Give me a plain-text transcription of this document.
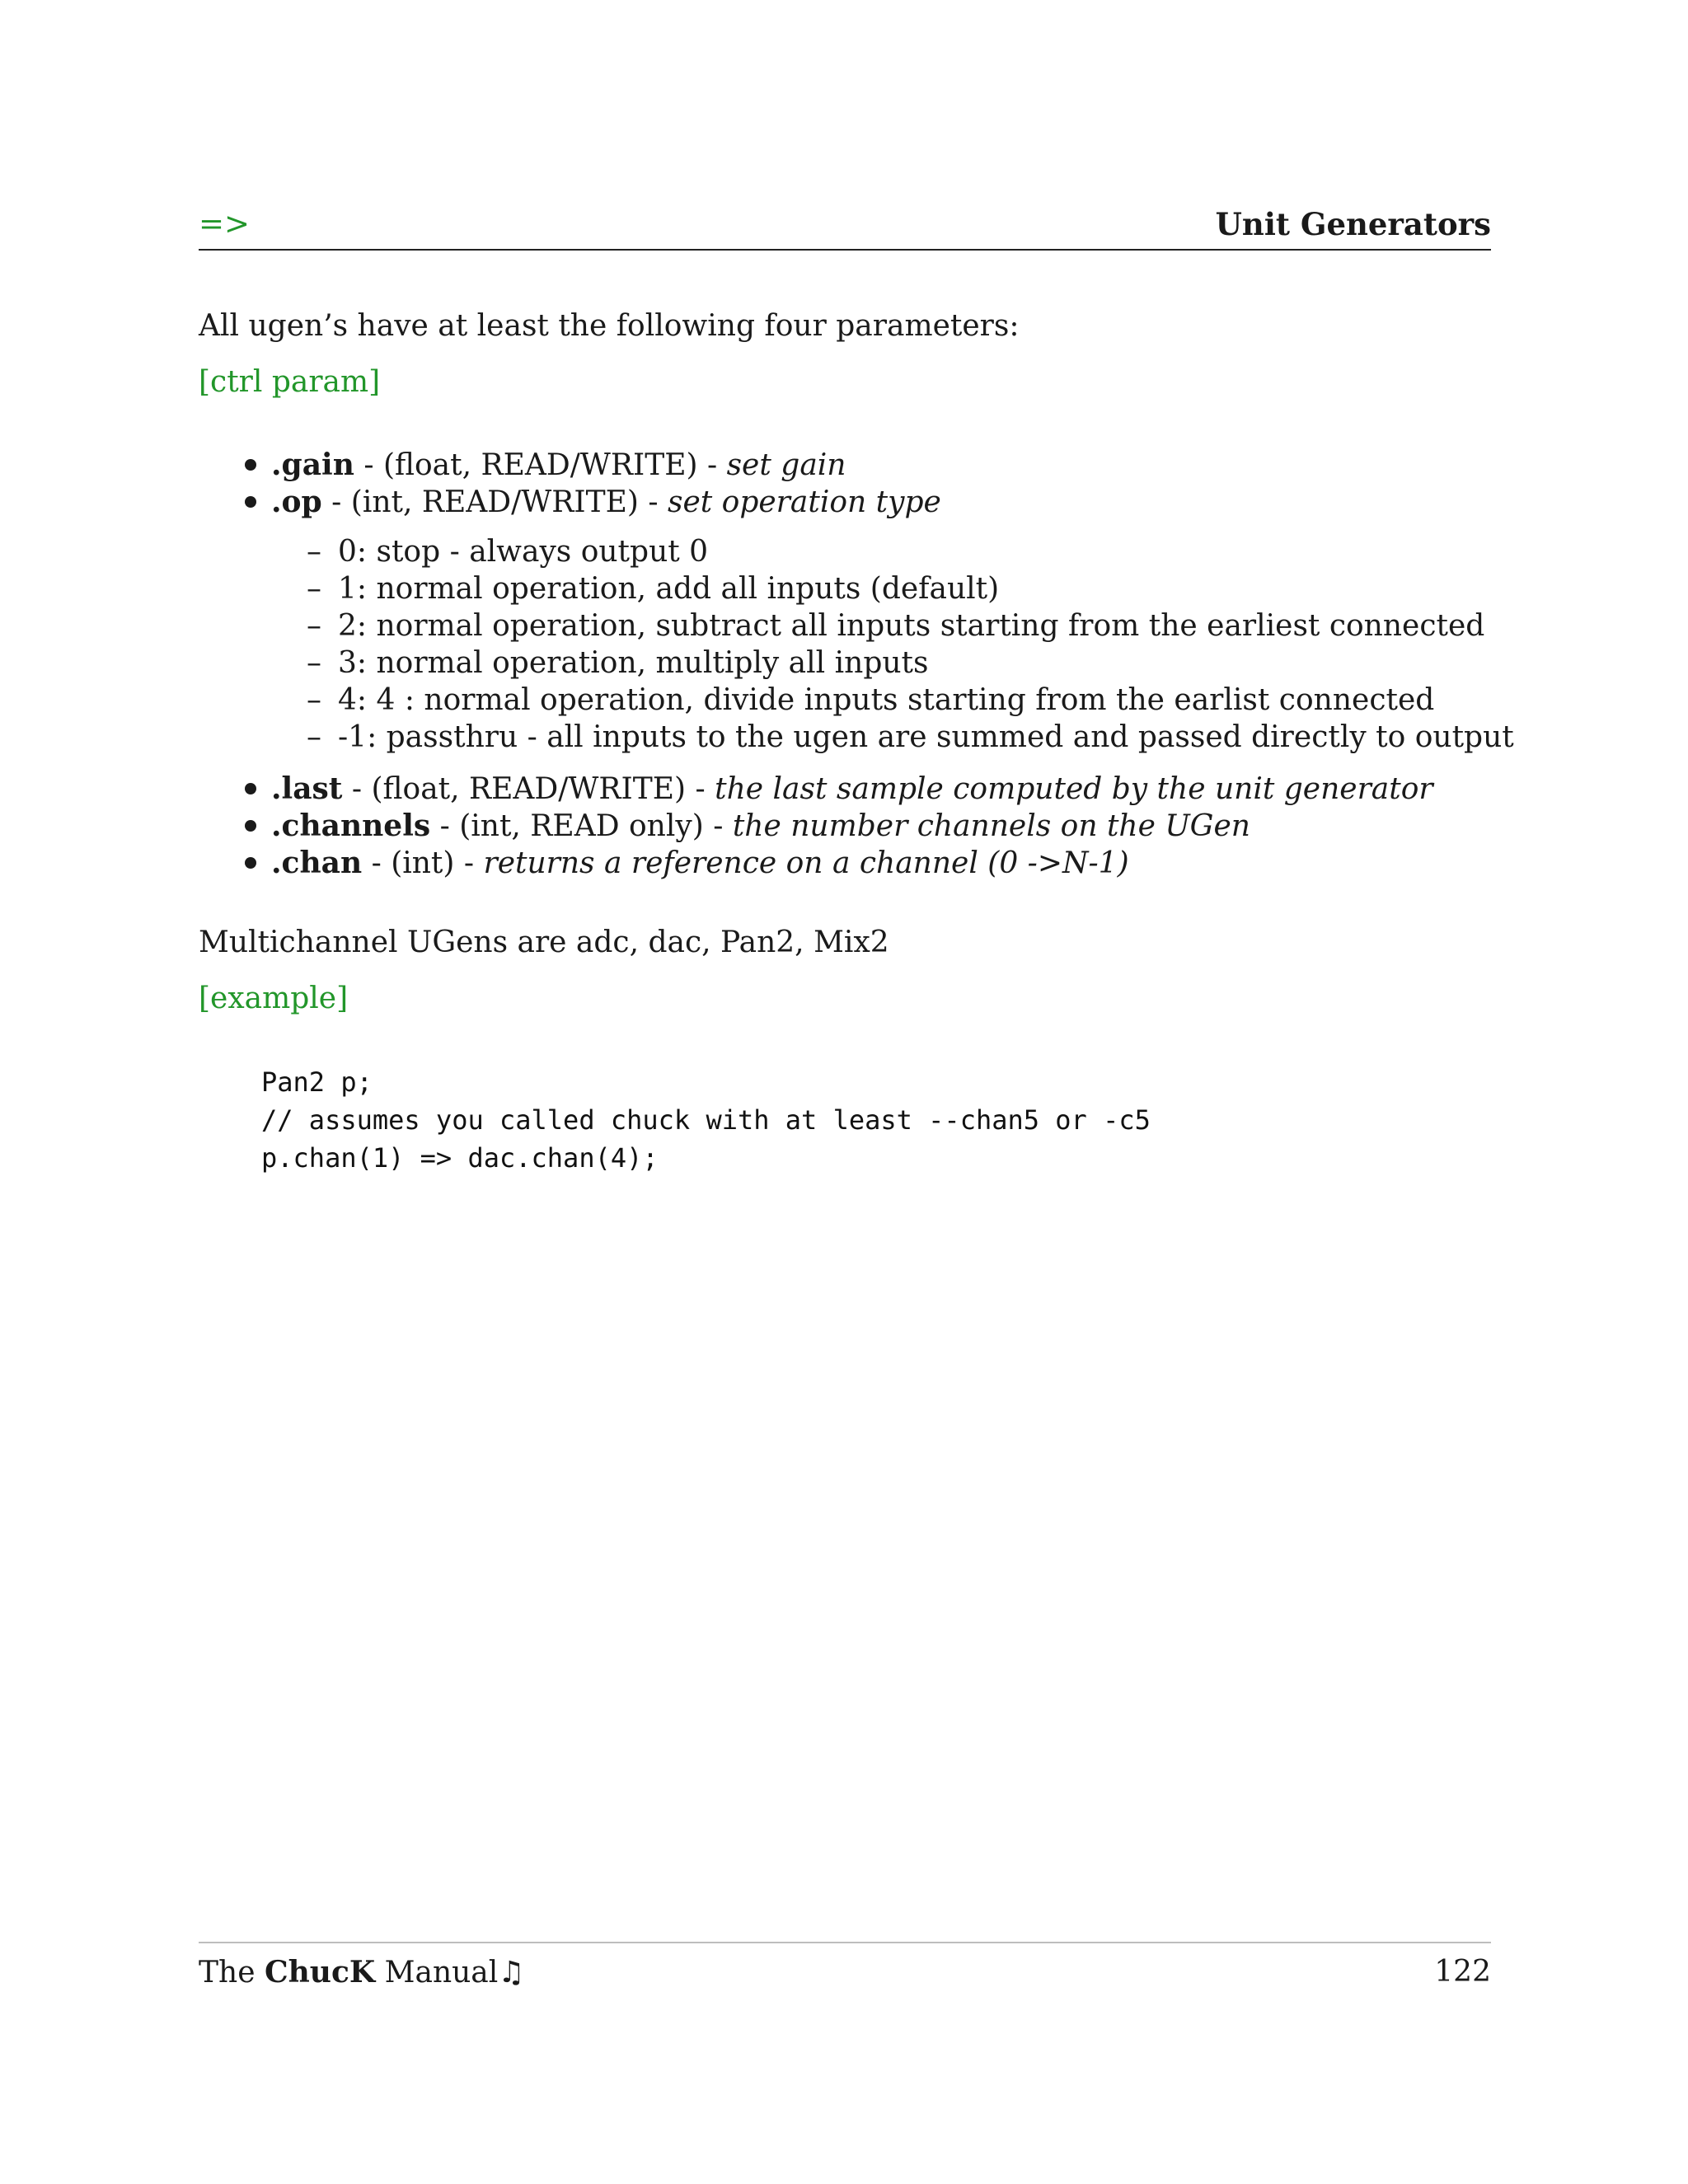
=>	Unit Generators
All ugen’s have at least the following four parameters:
[ctrl param]
.gain - (float, READ/WRITE) - set gain
.op - (int, READ/WRITE) - set operation type
– 0: stop - always output 0
– 1: normal operation, add all inputs (default)
– 2: normal operation, subtract all inputs starting from the earliest connected
– 3: normal operation, multiply all inputs
– 4: 4 : normal operation, divide inputs starting from the earlist connected
– -1: passthru - all inputs to the ugen are summed and passed directly to output
.last - (float, READ/WRITE) - the last sample computed by the unit generator
.channels - (int, READ only) - the number channels on the UGen
.chan - (int) - returns a reference on a channel (0 ->N-1)
Multichannel UGens are adc, dac, Pan2, Mix2
[example]
Pan2 p;
// assumes you called chuck with at least --chan5 or -c5
p.chan(1) => dac.chan(4);
The ChucK Manual♫	122
